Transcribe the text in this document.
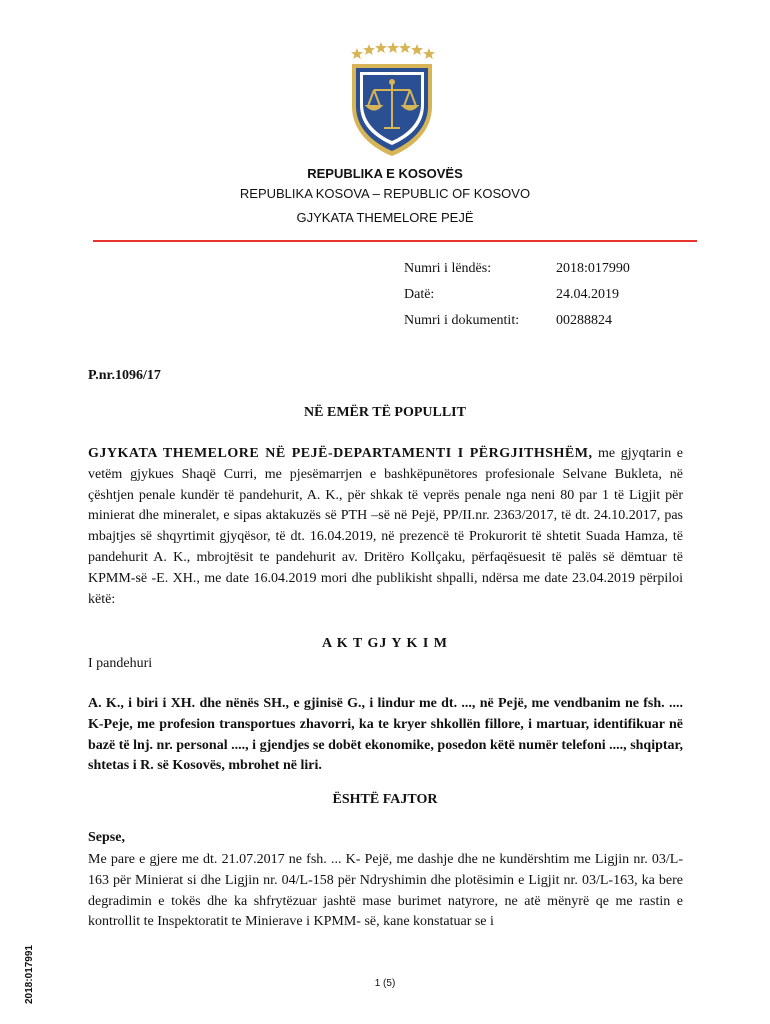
REPUBLIKA E KOSOVËS
REPUBLIKA KOSOVA – REPUBLIC OF KOSOVO
GJYKATA THEMELORE PEJË
Numri i lëndës:	2018:017990
Datë:	24.04.2019
Numri i dokumentit:	00288824
P.nr.1096/17
NË EMËR TË POPULLIT
GJYKATA THEMELORE NË PEJË-DEPARTAMENTI I PËRGJITHSHËM, me gjyqtarin e vetëm gjykues Shaqë Curri, me pjesëmarrjen e bashkëpunëtores profesionale Selvane Bukleta, në çështjen penale kundër të pandehurit, A. K., për shkak të veprës penale nga neni 80 par 1 të Ligjit për minierat dhe mineralet, e sipas aktakuzës së PTH –së në Pejë, PP/II.nr. 2363/2017, të dt. 24.10.2017, pas mbajtjes së shqyrtimit gjyqësor, të dt. 16.04.2019, në prezencë të Prokurorit të shtetit Suada Hamza, të pandehurit A. K., mbrojtësit te pandehurit av. Dritëro Kollçaku, përfaqësuesit të palës së dëmtuar të KPMM-së -E. XH., me date 16.04.2019 mori dhe publikisht shpalli, ndërsa me date 23.04.2019 përpiloi këtë:
A K T GJ Y K I M
I pandehuri
A. K., i biri i XH. dhe nënës SH., e gjinisë G., i lindur me dt. ..., në Pejë, me vendbanim ne fsh. .... K-Peje, me profesion transportues zhavorri, ka te kryer shkollën fillore, i martuar, identifikuar në bazë të lnj. nr. personal ...., i gjendjes se dobët ekonomike, posedon këtë numër telefoni ...., shqiptar, shtetas i R. së Kosovës, mbrohet në liri.
ËSHTË FAJTOR
Sepse,
Me pare e gjere me dt. 21.07.2017 ne fsh. ... K- Pejë, me dashje dhe ne kundërshtim me Ligjin nr. 03/L-163 për Minierat si dhe Ligjin nr. 04/L-158 për Ndryshimin dhe plotësimin e Ligjit nr. 03/L-163, ka bere degradimin e tokës dhe ka shfrytëzuar jashtë mase burimet natyrore, ne atë mënyrë qe me rastin e kontrollit te Inspektoratit te Minierave i KPMM- së, kane konstatuar se i
2018:017991	1 (5)
